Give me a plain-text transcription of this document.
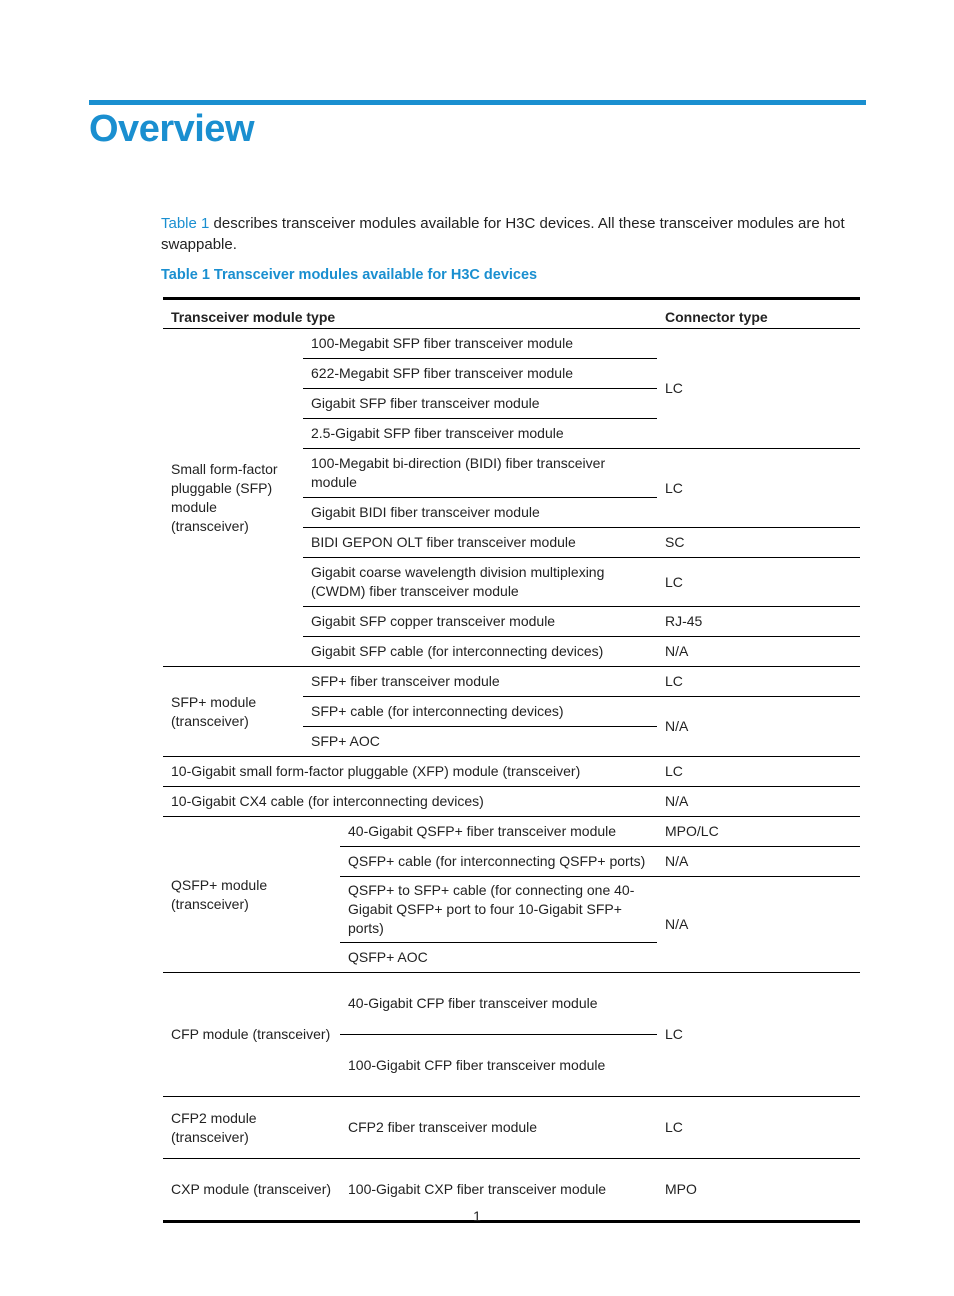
Overview

Table 1 describes transceiver modules available for H3C devices. All these transceiver modules are hot swappable.

Table 1 Transceiver modules available for H3C devices

Transceiver module type			Connector type
Small form-factor pluggable (SFP) module (transceiver)	100-Megabit SFP fiber transceiver module		LC
	622-Megabit SFP fiber transceiver module		
	Gigabit SFP fiber transceiver module		
	2.5-Gigabit SFP fiber transceiver module		
	100-Megabit bi-direction (BIDI) fiber transceiver module		LC
	Gigabit BIDI fiber transceiver module		
	BIDI GEPON OLT fiber transceiver module		SC
	Gigabit coarse wavelength division multiplexing (CWDM) fiber transceiver module		LC
	Gigabit SFP copper transceiver module		RJ-45
	Gigabit SFP cable (for interconnecting devices)		N/A
SFP+ module (transceiver)	SFP+ fiber transceiver module		LC
	SFP+ cable (for interconnecting devices)		N/A
	SFP+ AOC		
10-Gigabit small form-factor pluggable (XFP) module (transceiver)			LC
10-Gigabit CX4 cable (for interconnecting devices)			N/A
QSFP+ module (transceiver)		40-Gigabit QSFP+ fiber transceiver module	MPO/LC
		QSFP+ cable (for interconnecting QSFP+ ports)	N/A
		QSFP+ to SFP+ cable (for connecting one 40-Gigabit QSFP+ port to four 10-Gigabit SFP+ ports)	N/A
		QSFP+ AOC	
CFP module (transceiver)		40-Gigabit CFP fiber transceiver module	LC
		100-Gigabit CFP fiber transceiver module	
CFP2 module (transceiver)		CFP2 fiber transceiver module	LC
CXP module (transceiver)		100-Gigabit CXP fiber transceiver module	MPO
1
